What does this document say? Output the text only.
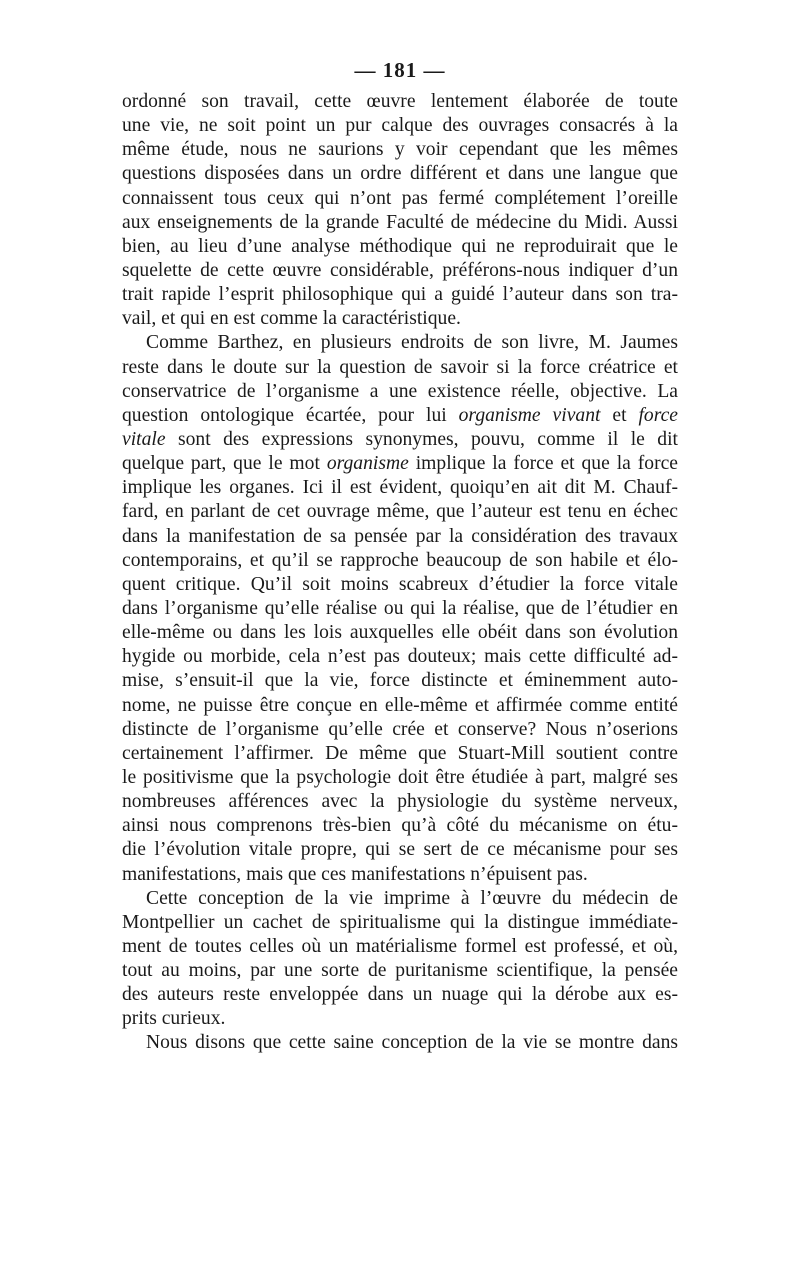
— 181 —
ordonné son travail, cette œuvre lentement élaborée de toute
une vie, ne soit point un pur calque des ouvrages consacrés à la
même étude, nous ne saurions y voir cependant que les mêmes
questions disposées dans un ordre différent et dans une langue que
connaissent tous ceux qui n’ont pas fermé complétement l’oreille
aux enseignements de la grande Faculté de médecine du Midi. Aussi
bien, au lieu d’une analyse méthodique qui ne reproduirait que le
squelette de cette œuvre considérable, préférons-nous indiquer d’un
trait rapide l’esprit philosophique qui a guidé l’auteur dans son tra-
vail, et qui en est comme la caractéristique.
Comme Barthez, en plusieurs endroits de son livre, M. Jaumes
reste dans le doute sur la question de savoir si la force créatrice et
conservatrice de l’organisme a une existence réelle, objective. La
question ontologique écartée, pour lui organisme vivant et force
vitale sont des expressions synonymes, pouvu, comme il le dit
quelque part, que le mot organisme implique la force et que la force
implique les organes. Ici il est évident, quoiqu’en ait dit M. Chauf-
fard, en parlant de cet ouvrage même, que l’auteur est tenu en échec
dans la manifestation de sa pensée par la considération des travaux
contemporains, et qu’il se rapproche beaucoup de son habile et élo-
quent critique. Qu’il soit moins scabreux d’étudier la force vitale
dans l’organisme qu’elle réalise ou qui la réalise, que de l’étudier en
elle-même ou dans les lois auxquelles elle obéit dans son évolution
hygide ou morbide, cela n’est pas douteux; mais cette difficulté ad-
mise, s’ensuit-il que la vie, force distincte et éminemment auto-
nome, ne puisse être conçue en elle-même et affirmée comme entité
distincte de l’organisme qu’elle crée et conserve? Nous n’oserions
certainement l’affirmer. De même que Stuart-Mill soutient contre
le positivisme que la psychologie doit être étudiée à part, malgré ses
nombreuses afférences avec la physiologie du système nerveux,
ainsi nous comprenons très-bien qu’à côté du mécanisme on étu-
die l’évolution vitale propre, qui se sert de ce mécanisme pour ses
manifestations, mais que ces manifestations n’épuisent pas.
Cette conception de la vie imprime à l’œuvre du médecin de
Montpellier un cachet de spiritualisme qui la distingue immédiate-
ment de toutes celles où un matérialisme formel est professé, et où,
tout au moins, par une sorte de puritanisme scientifique, la pensée
des auteurs reste enveloppée dans un nuage qui la dérobe aux es-
prits curieux.
Nous disons que cette saine conception de la vie se montre dans
